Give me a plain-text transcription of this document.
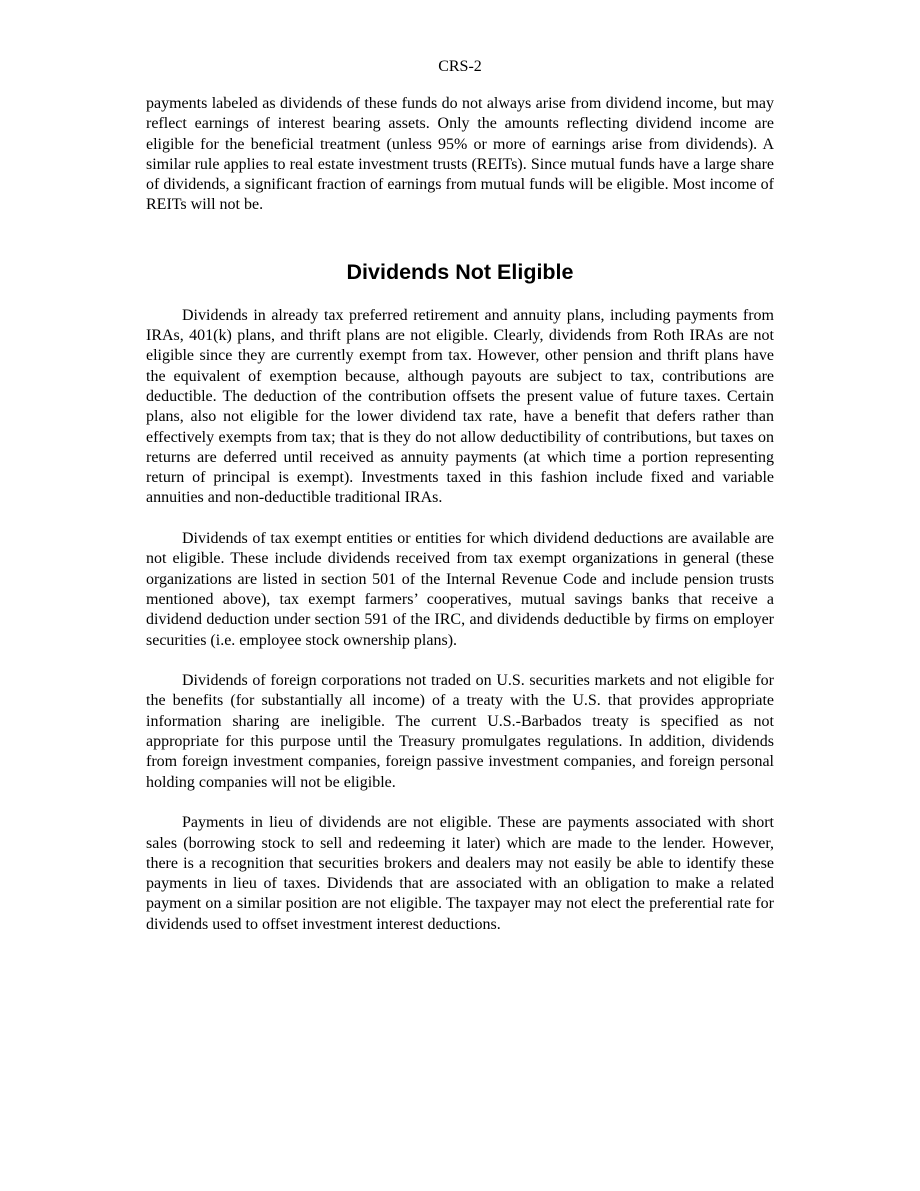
CRS-2

payments labeled as dividends of these funds do not always arise from dividend income, but may reflect earnings of interest bearing assets. Only the amounts reflecting dividend income are eligible for the beneficial treatment (unless 95% or more of earnings arise from dividends). A similar rule applies to real estate investment trusts (REITs). Since mutual funds have a large share of dividends, a significant fraction of earnings from mutual funds will be eligible. Most income of REITs will not be.

Dividends Not Eligible

Dividends in already tax preferred retirement and annuity plans, including payments from IRAs, 401(k) plans, and thrift plans are not eligible. Clearly, dividends from Roth IRAs are not eligible since they are currently exempt from tax. However, other pension and thrift plans have the equivalent of exemption because, although payouts are subject to tax, contributions are deductible. The deduction of the contribution offsets the present value of future taxes. Certain plans, also not eligible for the lower dividend tax rate, have a benefit that defers rather than effectively exempts from tax; that is they do not allow deductibility of contributions, but taxes on returns are deferred until received as annuity payments (at which time a portion representing return of principal is exempt). Investments taxed in this fashion include fixed and variable annuities and non-deductible traditional IRAs.

Dividends of tax exempt entities or entities for which dividend deductions are available are not eligible. These include dividends received from tax exempt organizations in general (these organizations are listed in section 501 of the Internal Revenue Code and include pension trusts mentioned above), tax exempt farmers’ cooperatives, mutual savings banks that receive a dividend deduction under section 591 of the IRC, and dividends deductible by firms on employer securities (i.e. employee stock ownership plans).

Dividends of foreign corporations not traded on U.S. securities markets and not eligible for the benefits (for substantially all income) of a treaty with the U.S. that provides appropriate information sharing are ineligible. The current U.S.-Barbados treaty is specified as not appropriate for this purpose until the Treasury promulgates regulations. In addition, dividends from foreign investment companies, foreign passive investment companies, and foreign personal holding companies will not be eligible.

Payments in lieu of dividends are not eligible. These are payments associated with short sales (borrowing stock to sell and redeeming it later) which are made to the lender. However, there is a recognition that securities brokers and dealers may not easily be able to identify these payments in lieu of taxes. Dividends that are associated with an obligation to make a related payment on a similar position are not eligible. The taxpayer may not elect the preferential rate for dividends used to offset investment interest deductions.
